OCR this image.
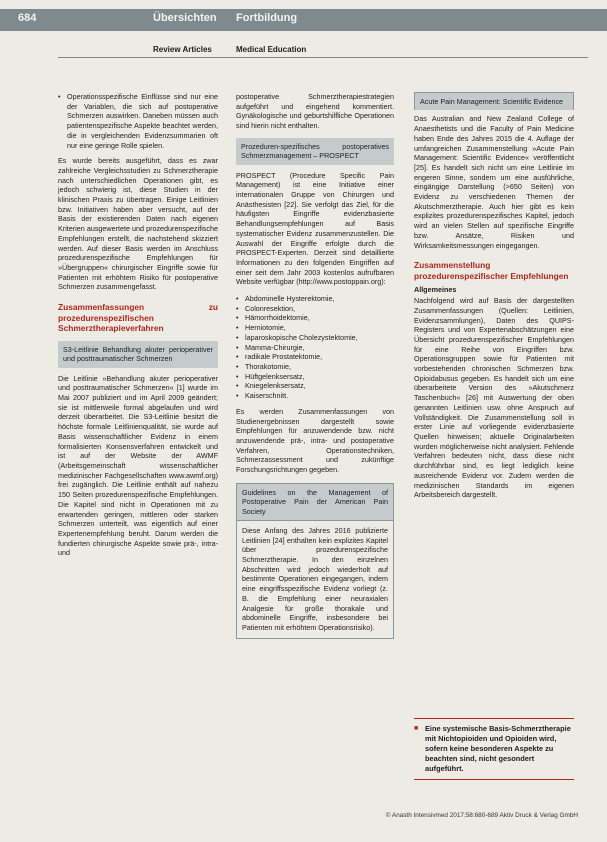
684	Übersichten	Fortbildung
Review Articles	Medical Education
• Operationsspezifische Einflüsse sind nur eine der Variablen, die sich auf postoperative Schmerzen auswirken. Daneben müssen auch patientenspezifische Aspekte beachtet werden, die in vergleichenden Evidenzsummarien oft nur eine geringe Rolle spielen.

Es wurde bereits ausgeführt, dass es zwar zahlreiche Vergleichsstudien zu Schmerztherapie nach unterschiedlichen Operationen gibt, es jedoch schwierig ist, diese Studien in der klinischen Praxis zu übertragen. Einige Leitlinien bzw. Initiativen haben aber versucht, auf der Basis der existierenden Daten nach eigenen Kriterien ausgewertete und prozedurenspezifische Empfehlungen erstellt, die nachstehend skizziert werden. Auf dieser Basis werden im Anschluss prozedurenspezifische Empfehlungen für »Übergruppen« chirurgischer Eingriffe sowie für Patienten mit erhöhtem Risiko für postoperative Schmerzen zusammengefasst.

Zusammenfassungen zu prozedurenspezifischen Schmerztherapieverfahren
S3-Leitlinie Behandlung akuter perioperativer und posttraumatischer Schmerzen

Die Leitlinie »Behandlung akuter perioperativer und posttraumatischer Schmerzen« [1] wurde im Mai 2007 publiziert und im April 2009 geändert; sie ist mittlerweile formal abgelaufen und wird derzeit überarbeitet. Die S3-Leitlinie besitzt die höchste formale Leitlinienqualität, sie wurde auf Basis wissenschaftlicher Evidenz in einem formalisierten Konsensverfahren entwickelt und ist auf der Website der AWMF (Arbeitsgemeinschaft wissenschaftlicher medizinischer Fachgesellschaften www.awmf.org) frei zugänglich. Die Leitlinie enthält auf nahezu 150 Seiten prozedurenspezifische Empfehlungen. Die Kapitel sind nicht in Operationen mit zu erwartenden geringen, mittleren oder starken Schmerzen unterteilt, was eigentlich auf einer Expertenempfehlung beruht. Darum werden die fundierten chirurgische Aspekte sowie prä-, intra- und

postoperative Schmerztherapiestrategien aufgeführt und eingehend kommentiert. Gynäkologische und geburtshilfliche Operationen sind hierin nicht enthalten.

Prozeduren-spezifisches postoperatives Schmerzmanagement – PROSPECT

PROSPECT (Procedure Specific Pain Management) ist eine Initiative einer internationalen Gruppe von Chirurgen und Anästhesisten [22]. Sie verfolgt das Ziel, für die häufigsten Eingriffe evidenzbasierte Behandlungsempfehlungen auf Basis systematischer Evidenz zusammenzustellen. Die Auswahl der Eingriffe erfolgte durch die PROSPECT-Experten. Derzeit sind detaillierte Informationen zu den folgenden Eingriffen auf einer seit dem Jahr 2003 kostenlos aufrufbaren Website verfügbar (http://www.postoppain.org):

• Abdominelle Hysterektomie,
• Colonresektion,
• Hämorrhoidektomie,
• Herniotomie,
• laparoskopische Cholezystektomie,
• Mamma-Chirurgie,
• radikale Prostatektomie,
• Thorakotomie,
• Hüftgelenksersatz,
• Kniegelenksersatz,
• Kaiserschnitt.

Es werden Zusammenfassungen von Studienergebnissen dargestellt sowie Empfehlungen für anzuwendende bzw. nicht anzuwendende prä-, intra- und postoperative Verfahren, Operationstechniken, Schmerzassessment und zukünftige Forschungsrichtungen gegeben.

Guidelines on the Management of Postoperative Pain der American Pain Society

Diese Anfang des Jahres 2016 publizierte Leitlinien [24] enthalten kein explizites Kapitel über prozedurenspezifische Schmerztherapie. In den einzelnen Abschnitten wird jedoch wiederholt auf bestimmte Operationen eingegangen, indem eine eingriffsspezifische Evidenz vorliegt (z. B. die Empfehlung einer neuraxialen Analgesie für große thorakale und abdominelle Eingriffe, insbesondere bei Patienten mit erhöhtem Operationsrisiko).

Acute Pain Management: Scientific Evidence

Das Australian and New Zealand College of Anaesthetists und die Faculty of Pain Medicine haben Ende des Jahres 2015 die 4. Auflage der umfangreichen Zusammenstellung »Acute Pain Management: Scientific Evidence« veröffentlicht [25]. Es handelt sich nicht um eine Leitlinie im engeren Sinne, sondern um eine ausführliche, eingängige Darstellung (>650 Seiten) von Evidenz zu verschiedenen Themen der Akutschmerztherapie. Auch hier gibt es kein explizites prozedurenspezifisches Kapitel, jedoch wird an vielen Stellen auf spezifische Eingriffe bzw. Ansätze, Risiken und Wirksamkeitsmessungen eingegangen.

Zusammenstellung prozedurenspezifischer Empfehlungen
Allgemeines

Nachfolgend wird auf Basis der dargestellten Zusammenfassungen (Quellen: Leitlinien, Evidenzsammlungen), Daten des QUIPS-Registers und von Expertenabschätzungen eine Übersicht prozedurenspezifischer Empfehlungen für eine Reihe von Eingriffen bzw. Operationsgruppen sowie für Patienten mit vorbestehenden chronischen Schmerzen bzw. Opioidabusus gegeben. Es handelt sich um eine überarbeitete Version des »Akutschmerz Taschenbuch« [26] mit Auswertung der oben genannten Leitlinien usw. ohne Anspruch auf Vollständigkeit. Die Zusammenstellung soll in erster Linie auf vorliegende evidenzbasierte Quellen hinweisen; aktuelle Originalarbeiten wurden möglicherweise nicht analysiert. Fehlende Verfahren bedeuten nicht, dass diese nicht durchführbar sind, es liegt lediglich keine ausreichende Evidenz vor. Zudem werden die medizinischen Standards im eigenen Arbeitsbereich dargestellt.

■ Eine systemische Basis-Schmerztherapie mit Nichtopioiden und Opioiden wird, sofern keine besonderen Aspekte zu beachten sind, nicht gesondert aufgeführt.
© Anasth Intensivmed 2017;58:680-689 Aktiv Druck & Verlag GmbH
